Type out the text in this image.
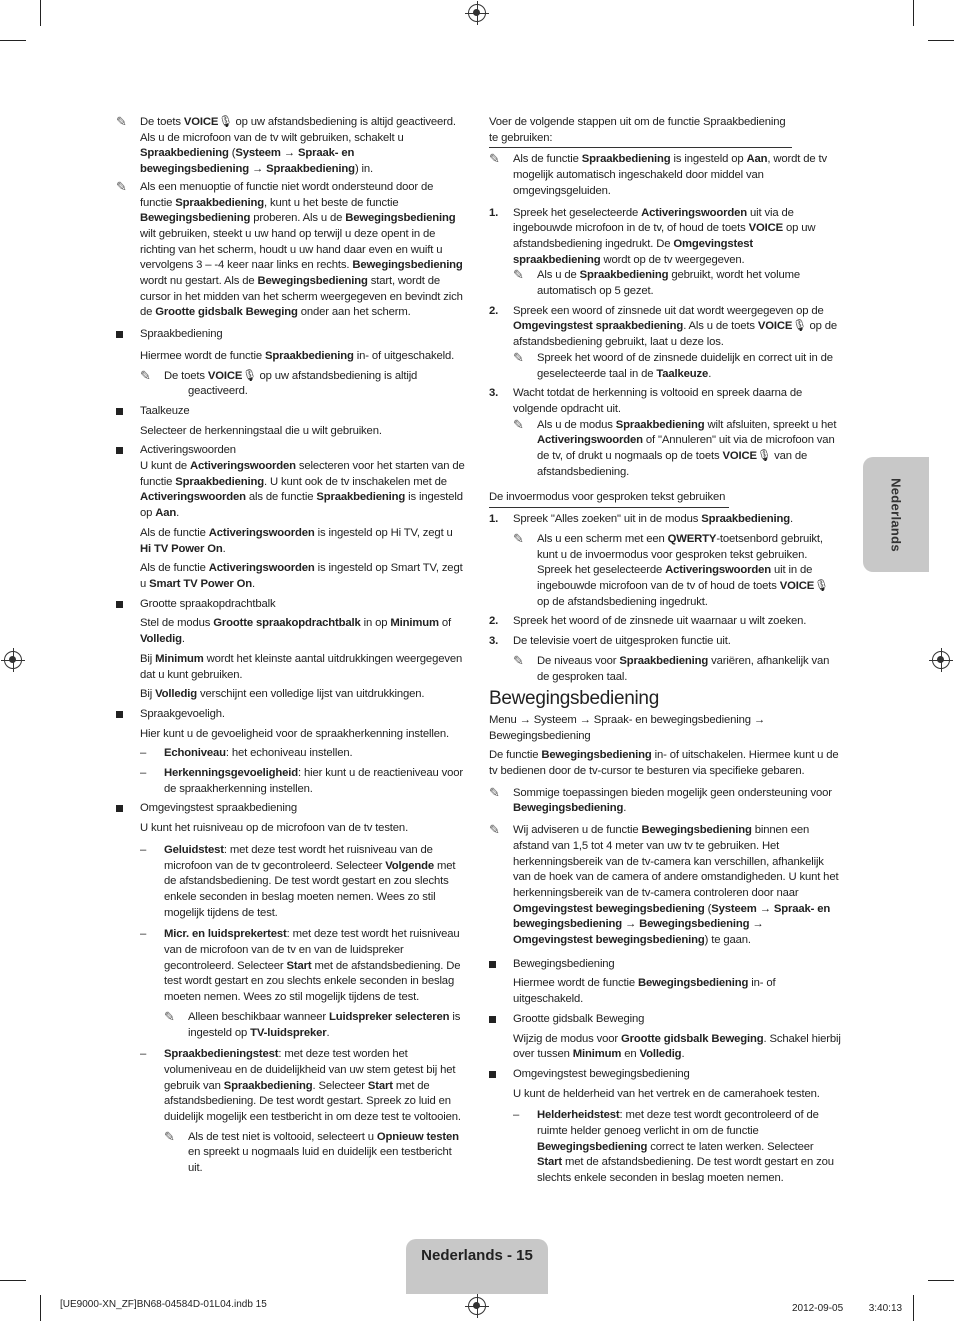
Nederlands
✎ De toets VOICE🎙︎ op uw afstandsbediening is altijd geactiveerd. Als u de microfoon van de tv wilt gebruiken, schakelt u Spraakbediening (Systeem → Spraak- en bewegingsbediening → Spraakbediening) in.
✎ Als een menuoptie of functie niet wordt ondersteund door de functie Spraakbediening, kunt u het beste de functie Bewegingsbediening proberen. Als u de Bewegingsbediening wilt gebruiken, steekt u uw hand op terwijl u deze opent in de richting van het scherm, houdt u uw hand daar even en wuift u vervolgens 3 – -4 keer naar links en rechts. Bewegingsbediening wordt nu gestart. Als de Bewegingsbediening start, wordt de cursor in het midden van het scherm weergegeven en bevindt zich de Grootte gidsbalk Beweging onder aan het scherm.

Spraakbediening

Hiermee wordt de functie Spraakbediening in- of uitgeschakeld.

✎ De toets VOICE🎙︎ op uw afstandsbediening is altijd geactiveerd.

Taalkeuze

Selecteer de herkenningstaal die u wilt gebruiken.

Activeringswoorden

U kunt de Activeringswoorden selecteren voor het starten van de functie Spraakbediening. U kunt ook de tv inschakelen met de Activeringswoorden als de functie Spraakbediening is ingesteld op Aan.

Als de functie Activeringswoorden is ingesteld op Hi TV, zegt u Hi TV Power On.

Als de functie Activeringswoorden is ingesteld op Smart TV, zegt u Smart TV Power On.

Grootte spraakopdrachtbalk

Stel de modus Grootte spraakopdrachtbalk in op Minimum of Volledig.

Bij Minimum wordt het kleinste aantal uitdrukkingen weergegeven dat u kunt gebruiken.

Bij Volledig verschijnt een volledige lijst van uitdrukkingen.

Spraakgevoeligh.

Hier kunt u de gevoeligheid voor de spraakherkenning instellen.

– Echoniveau: het echoniveau instellen.

– Herkenningsgevoeligheid: hier kunt u de reactieniveau voor de spraakherkenning instellen.

Omgevingstest spraakbediening

U kunt het ruisniveau op de microfoon van de tv testen.

– Geluidstest: met deze test wordt het ruisniveau van de microfoon van de tv gecontroleerd. Selecteer Volgende met de afstandsbediening. De test wordt gestart en zou slechts enkele seconden in beslag moeten nemen. Wees zo stil mogelijk tijdens de test.

– Micr. en luidsprekertest: met deze test wordt het ruisniveau van de microfoon van de tv en van de luidspreker gecontroleerd. Selecteer Start met de afstandsbediening. De test wordt gestart en zou slechts enkele seconden in beslag moeten nemen. Wees zo stil mogelijk tijdens de test.

✎ Alleen beschikbaar wanneer Luidspreker selecteren is ingesteld op TV-luidspreker.

– Spraakbedieningstest: met deze test worden het volumeniveau en de duidelijkheid van uw stem getest bij het gebruik van Spraakbediening. Selecteer Start met de afstandsbediening. De test wordt gestart. Spreek zo luid en duidelijk mogelijk een testbericht in om deze test te voltooien.

✎ Als de test niet is voltooid, selecteert u Opnieuw testen en spreekt u nogmaals luid en duidelijk een testbericht uit.

Voer de volgende stappen uit om de functie Spraakbediening te gebruiken:

✎ Als de functie Spraakbediening is ingesteld op Aan, wordt de tv mogelijk automatisch ingeschakeld door middel van omgevingsgeluiden.

1. Spreek het geselecteerde Activeringswoorden uit via de ingebouwde microfoon in de tv, of houd de toets VOICE op uw afstandsbediening ingedrukt. De Omgevingstest spraakbediening wordt op de tv weergegeven.

✎ Als u de Spraakbediening gebruikt, wordt het volume automatisch op 5 gezet.

2. Spreek een woord of zinsnede uit dat wordt weergegeven op de Omgevingstest spraakbediening. Als u de toets VOICE🎙︎ op de afstandsbediening gebruikt, laat u deze los.

✎ Spreek het woord of de zinsnede duidelijk en correct uit in de geselecteerde taal in de Taalkeuze.

3. Wacht totdat de herkenning is voltooid en spreek daarna de volgende opdracht uit.

✎ Als u de modus Spraakbediening wilt afsluiten, spreekt u het Activeringswoorden of "Annuleren" uit via de microfoon van de tv, of drukt u nogmaals op de toets VOICE🎙︎ van de afstandsbediening.

De invoermodus voor gesproken tekst gebruiken

1. Spreek "Alles zoeken" uit in de modus Spraakbediening.

✎ Als u een scherm met een QWERTY-toetsenbord gebruikt, kunt u de invoermodus voor gesproken tekst gebruiken. Spreek het geselecteerde Activeringswoorden uit in de ingebouwde microfoon van de tv of houd de toets VOICE🎙︎ op de afstandsbediening ingedrukt.

2. Spreek het woord of de zinsnede uit waarnaar u wilt zoeken.

3. De televisie voert de uitgesproken functie uit.

✎ De niveaus voor Spraakbediening variëren, afhankelijk van de gesproken taal.

Bewegingsbediening

Menu → Systeem → Spraak- en bewegingsbediening → Bewegingsbediening

De functie Bewegingsbediening in- of uitschakelen. Hiermee kunt u de tv bedienen door de tv-cursor te besturen via specifieke gebaren.

✎ Sommige toepassingen bieden mogelijk geen ondersteuning voor Bewegingsbediening.
✎ Wij adviseren u de functie Bewegingsbediening binnen een afstand van 1,5 tot 4 meter van uw tv te gebruiken. Het herkenningsbereik van de tv-camera kan verschillen, afhankelijk van de hoek van de camera of andere omstandigheden. U kunt het herkenningsbereik van de tv-camera controleren door naar Omgevingstest bewegingsbediening (Systeem → Spraak- en bewegingsbediening → Bewegingsbediening → Omgevingstest bewegingsbediening) te gaan.

Bewegingsbediening

Hiermee wordt de functie Bewegingsbediening in- of uitgeschakeld.

Grootte gidsbalk Beweging

Wijzig de modus voor Grootte gidsbalk Beweging. Schakel hierbij over tussen Minimum en Volledig.

Omgevingstest bewegingsbediening

U kunt de helderheid van het vertrek en de camerahoek testen.

– Helderheidstest: met deze test wordt gecontroleerd of de ruimte helder genoeg verlicht in om de functie Bewegingsbediening correct te laten werken. Selecteer Start met de afstandsbediening. De test wordt gestart en zou slechts enkele seconden in beslag moeten nemen.

Nederlands - 15
[UE9000-XN_ZF]BN68-04584D-01L04.indb 15	2012-09-05 　　 3:40:13
